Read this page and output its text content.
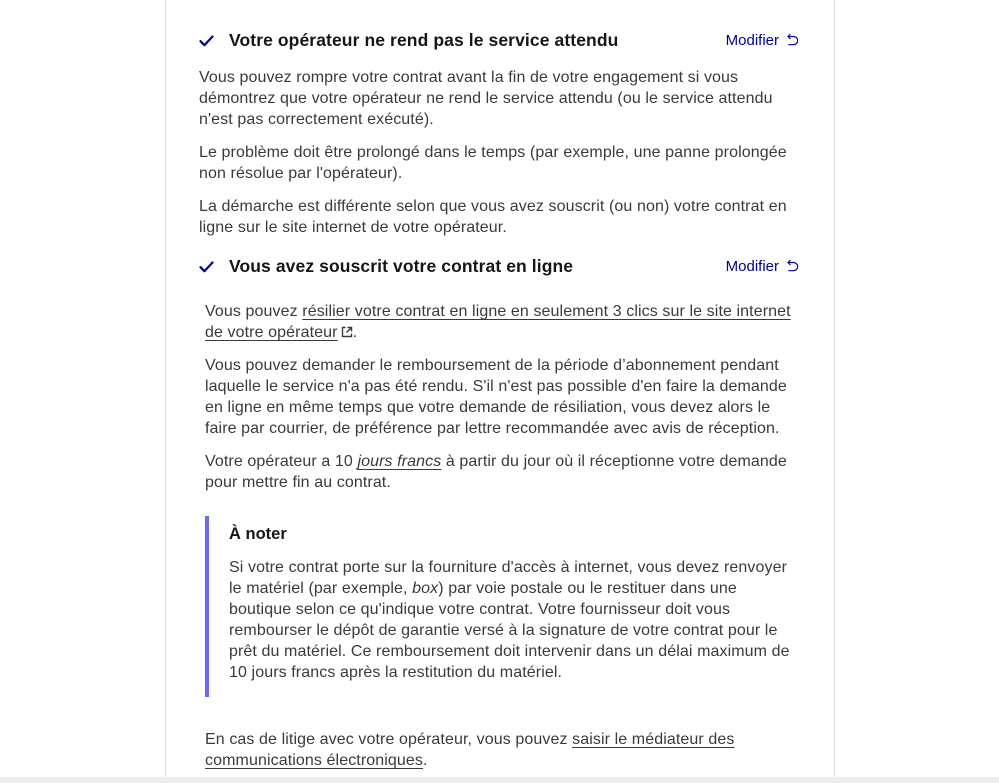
Votre opérateur ne rend pas le service attendu	Modifier

Vous pouvez rompre votre contrat avant la fin de votre engagement si vous démontrez que votre opérateur ne rend le service attendu (ou le service attendu n'est pas correctement exécuté).

Le problème doit être prolongé dans le temps (par exemple, une panne prolongée non résolue par l'opérateur).

La démarche est différente selon que vous avez souscrit (ou non) votre contrat en ligne sur le site internet de votre opérateur.

Vous avez souscrit votre contrat en ligne	Modifier

Vous pouvez résilier votre contrat en ligne en seulement 3 clics sur le site internet de votre opérateur .

Vous pouvez demander le remboursement de la période d’abonnement pendant laquelle le service n'a pas été rendu. S'il n'est pas possible d'en faire la demande en ligne en même temps que votre demande de résiliation, vous devez alors le faire par courrier, de préférence par lettre recommandée avec avis de réception.

Votre opérateur a 10 jours francs à partir du jour où il réceptionne votre demande pour mettre fin au contrat.

À noter

Si votre contrat porte sur la fourniture d'accès à internet, vous devez renvoyer le matériel (par exemple, box) par voie postale ou le restituer dans une boutique selon ce qu'indique votre contrat. Votre fournisseur doit vous rembourser le dépôt de garantie versé à la signature de votre contrat pour le prêt du matériel. Ce remboursement doit intervenir dans un délai maximum de 10 jours francs après la restitution du matériel.

En cas de litige avec votre opérateur, vous pouvez saisir le médiateur des communications électroniques.
